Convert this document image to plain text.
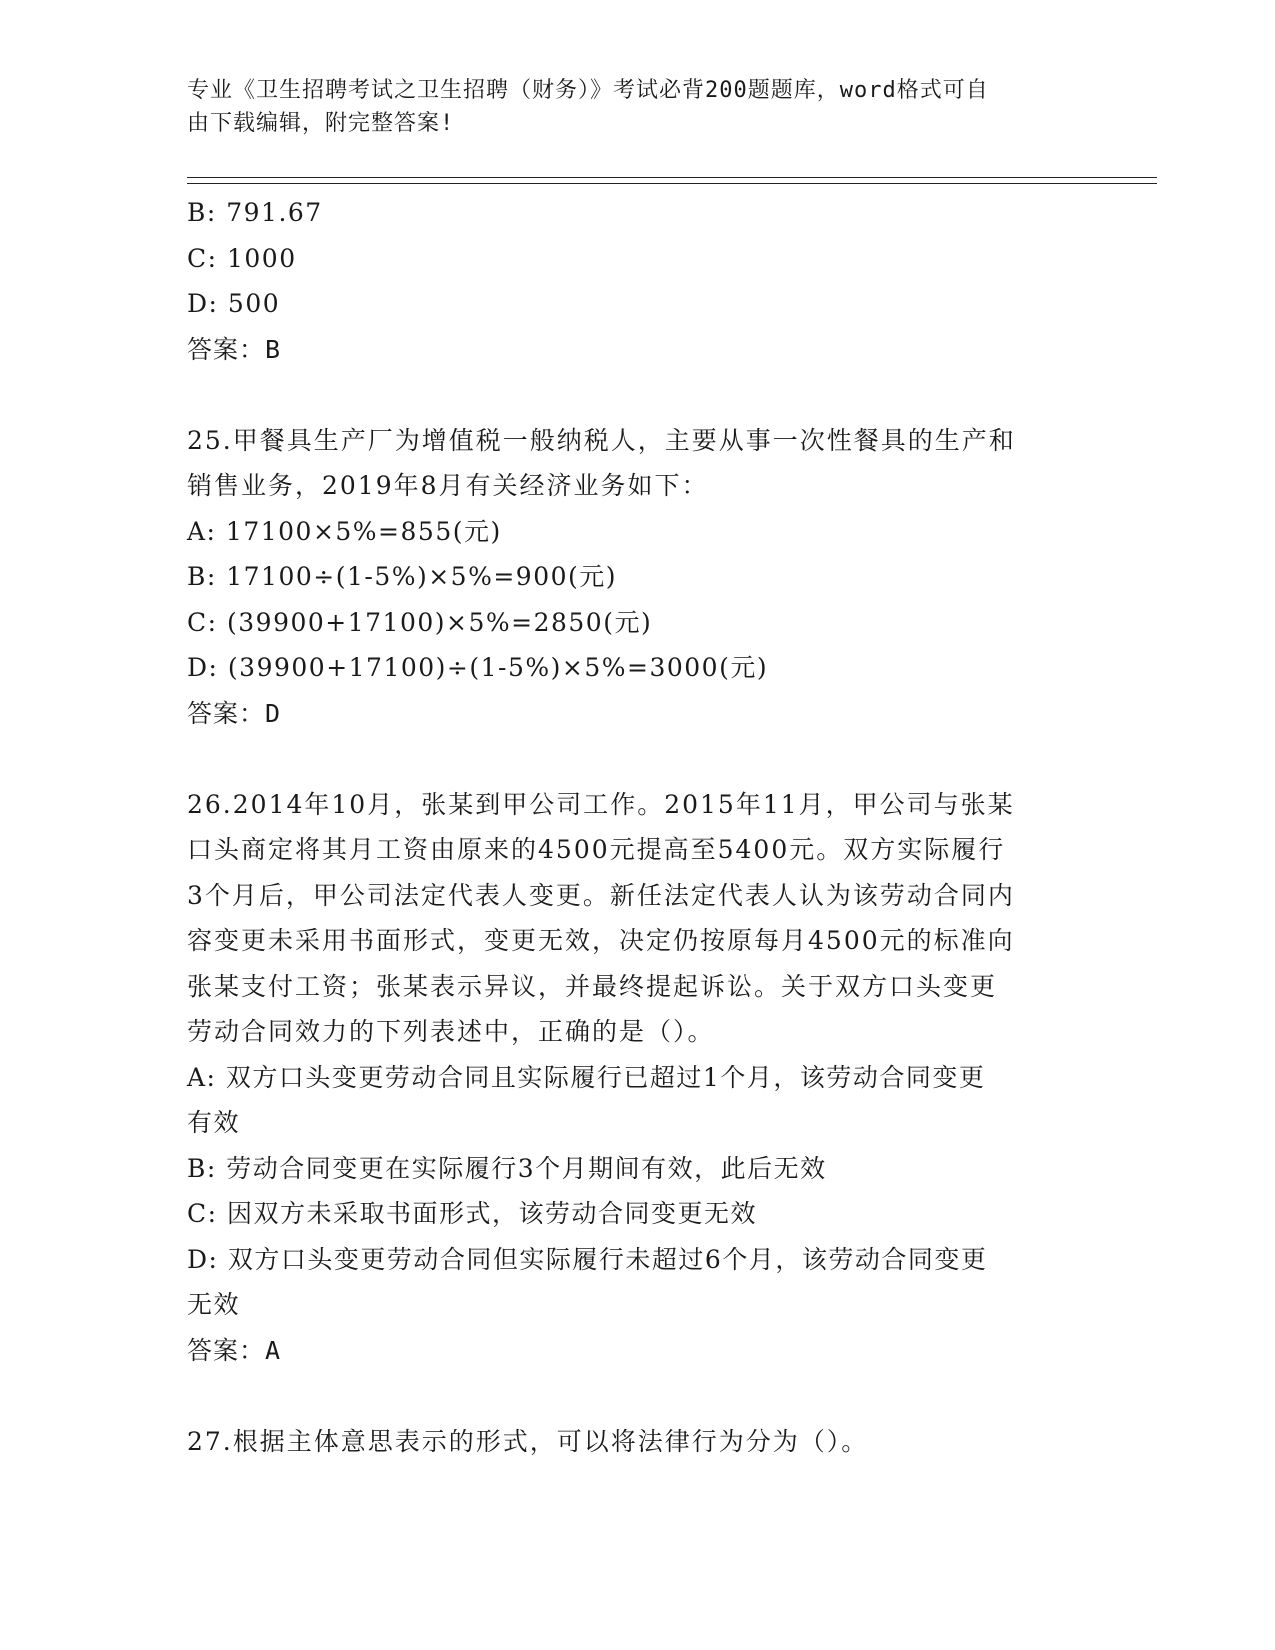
专业《卫生招聘考试之卫生招聘（财务）》考试必背200题题库，word格式可自
由下载编辑，附完整答案!
B: 791.67
C: 1000
D: 500
答案：B
25.甲餐具生产厂为增值税一般纳税人，主要从事一次性餐具的生产和
销售业务，2019年8月有关经济业务如下：
A: 17100×5%=855(元)
B: 17100÷(1-5%)×5%=900(元)
C: (39900+17100)×5%=2850(元)
D: (39900+17100)÷(1-5%)×5%=3000(元)
答案：D
26.2014年10月，张某到甲公司工作。2015年11月，甲公司与张某
口头商定将其月工资由原来的4500元提高至5400元。双方实际履行
3个月后，甲公司法定代表人变更。新任法定代表人认为该劳动合同内
容变更未采用书面形式，变更无效，决定仍按原每月4500元的标准向
张某支付工资；张某表示异议，并最终提起诉讼。关于双方口头变更
劳动合同效力的下列表述中，正确的是（）。
A: 双方口头变更劳动合同且实际履行已超过1个月，该劳动合同变更
有效
B: 劳动合同变更在实际履行3个月期间有效，此后无效
C: 因双方未采取书面形式，该劳动合同变更无效
D: 双方口头变更劳动合同但实际履行未超过6个月，该劳动合同变更
无效
答案：A
27.根据主体意思表示的形式，可以将法律行为分为（）。
